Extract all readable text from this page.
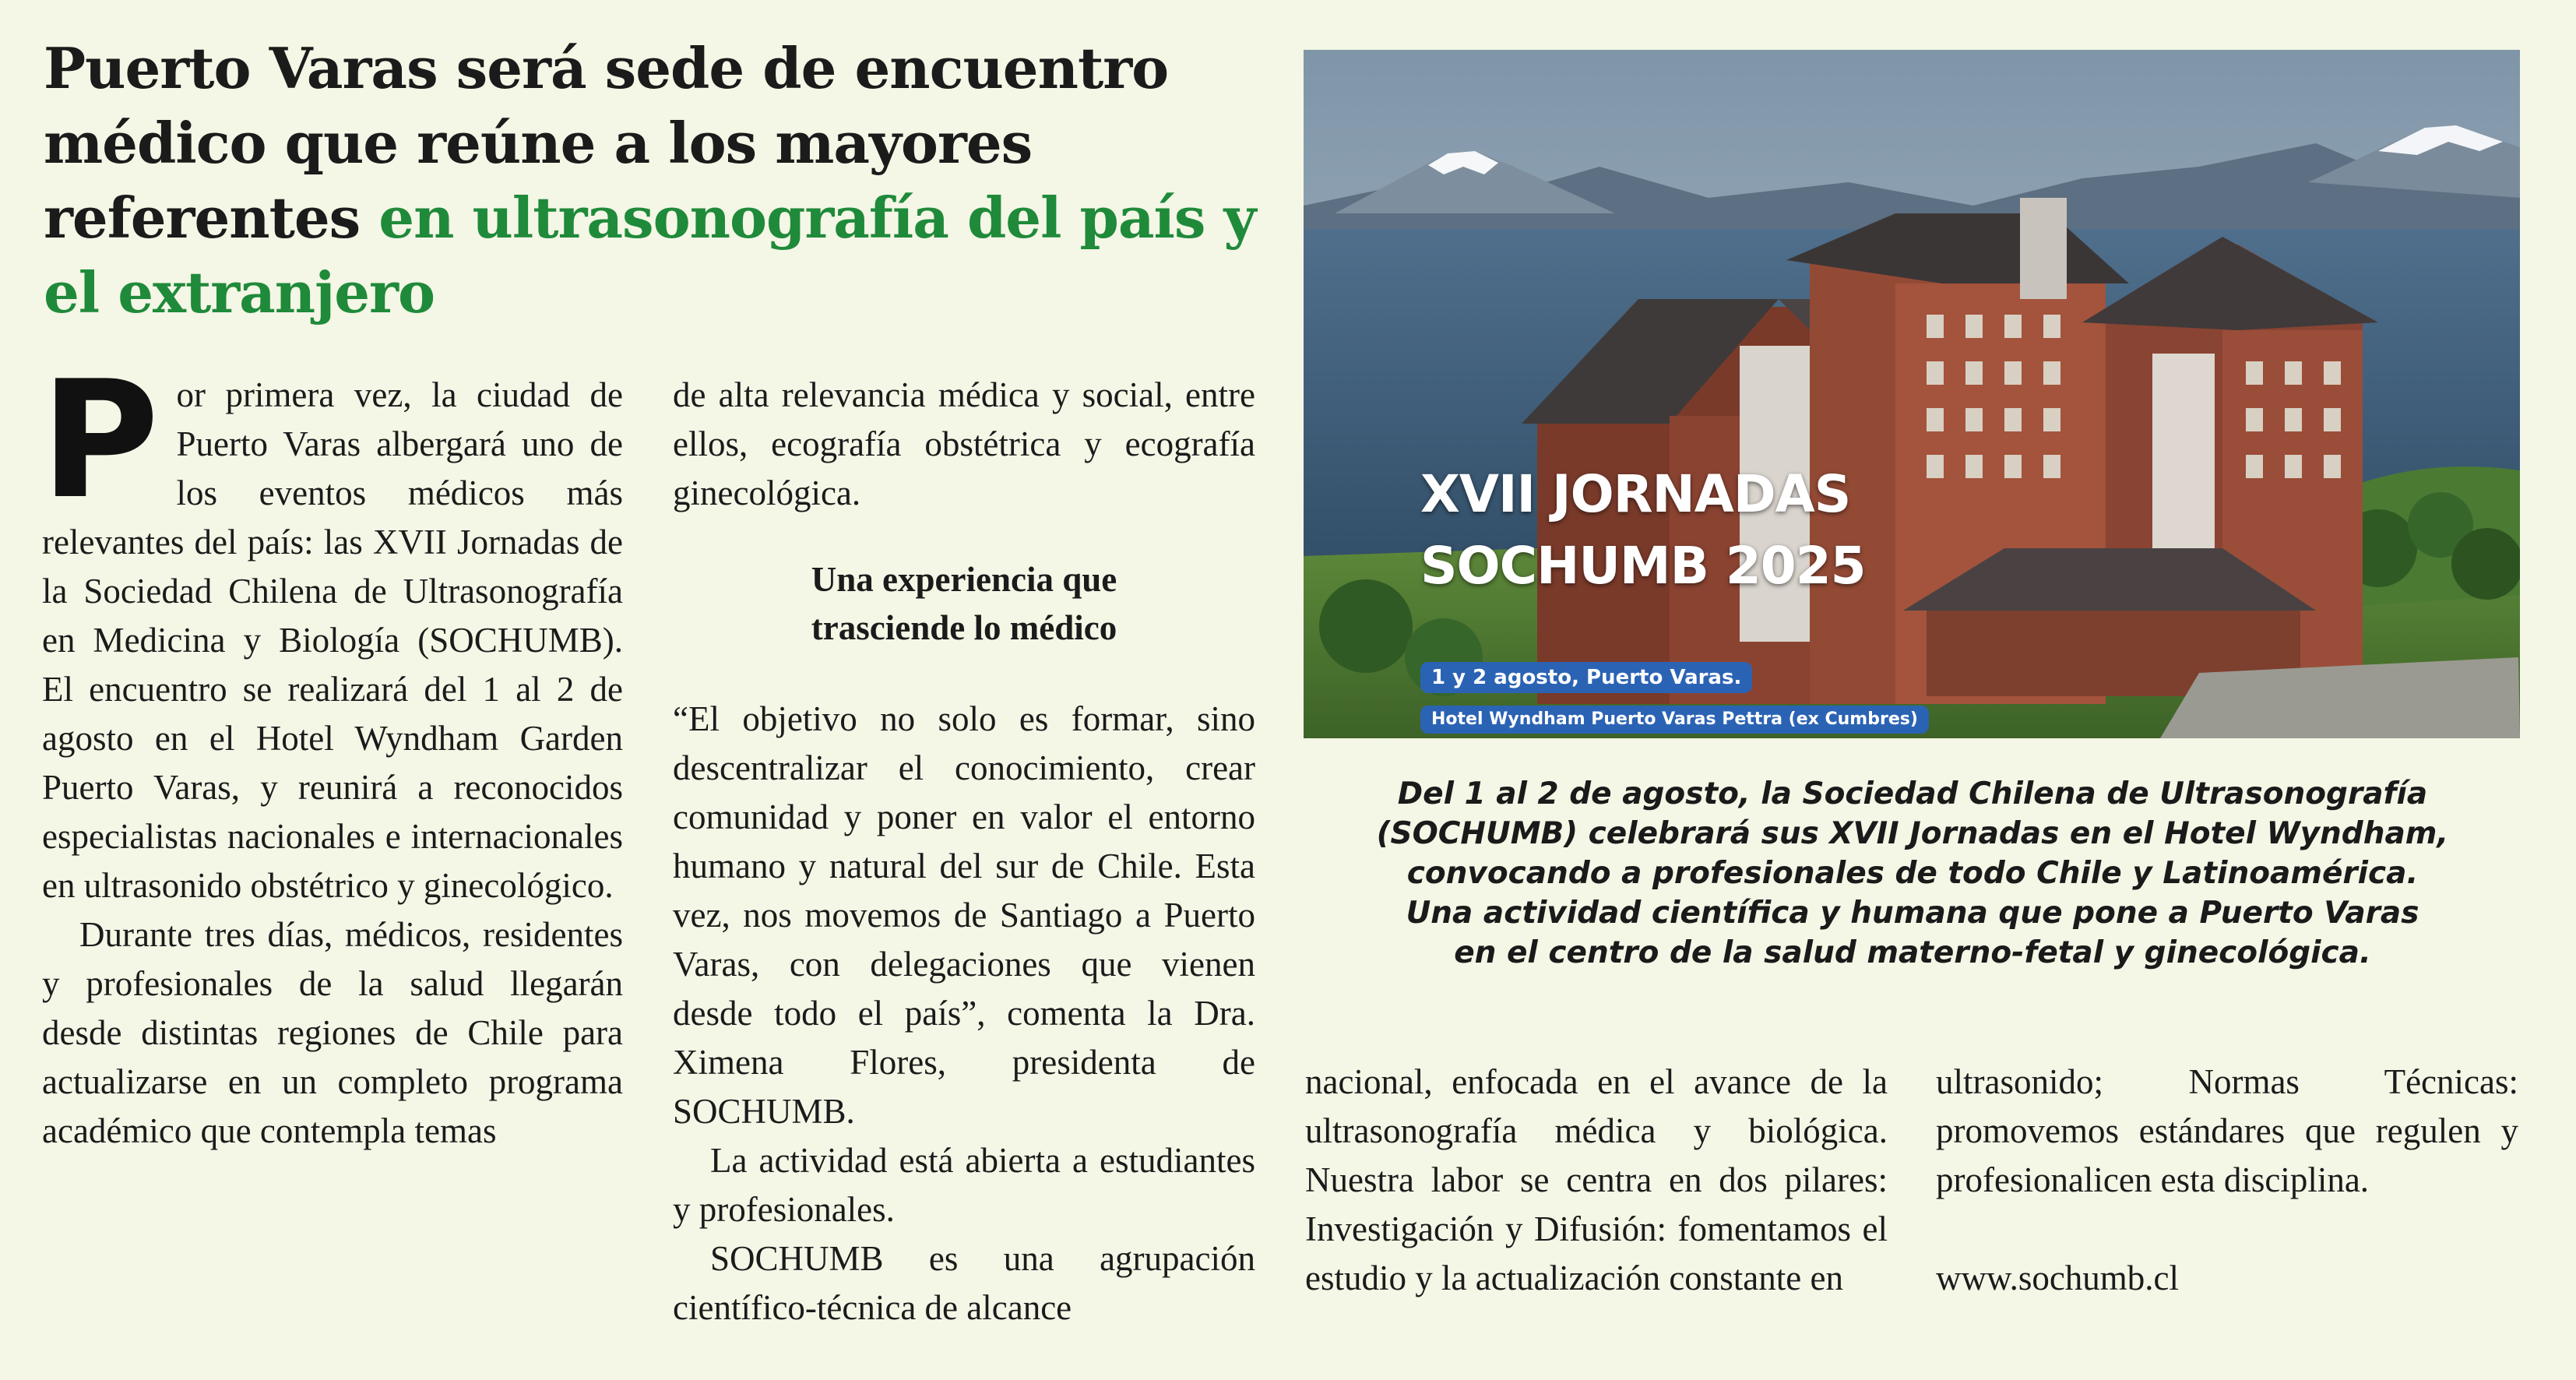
Puerto Varas será sede de encuentro médico que reúne a los mayores referentes en ultrasonografía del país y el extranjero
P or primera vez, la ciudad de Puerto Varas albergará uno de los eventos médicos más relevantes del país: las XVII Jornadas de la Sociedad Chilena de Ultrasonografía en Medicina y Biología (SOCHUMB). El encuentro se realizará del 1 al 2 de agosto en el Hotel Wyndham Garden Puerto Varas, y reunirá a reconocidos especialistas nacionales e internacionales en ultrasonido obstétrico y ginecológico.

Durante tres días, médicos, residentes y profesionales de la salud llegarán desde distintas regiones de Chile para actualizarse en un completo programa académico que contempla temas

de alta relevancia médica y social, entre ellos, ecografía obstétrica y ecografía ginecológica.

Una experiencia que
trasciende lo médico

“El objetivo no solo es formar, sino descentralizar el conocimiento, crear comunidad y poner en valor el entorno humano y natural del sur de Chile. Esta vez, nos movemos de Santiago a Puerto Varas, con delegaciones que vienen desde todo el país”, comenta la Dra. Ximena Flores, presidenta de SOCHUMB.

La actividad está abierta a estudiantes y profesionales.

SOCHUMB es una agrupación científico-técnica de alcance

XVII JORNADAS
SOCHUMB 2025
1 y 2 agosto, Puerto Varas.
Hotel Wyndham Puerto Varas Pettra (ex Cumbres)
Del 1 al 2 de agosto, la Sociedad Chilena de Ultrasonografía
(SOCHUMB) celebrará sus XVII Jornadas en el Hotel Wyndham,
convocando a profesionales de todo Chile y Latinoamérica.
Una actividad científica y humana que pone a Puerto Varas
en el centro de la salud materno-fetal y ginecológica.

nacional, enfocada en el avance de la ultrasonografía médica y biológica. Nuestra labor se centra en dos pilares: Investigación y Difusión: fomentamos el estudio y la actualización constante en

ultrasonido; Normas Técnicas: promovemos estándares que regulen y profesionalicen esta disciplina.

www.sochumb.cl
